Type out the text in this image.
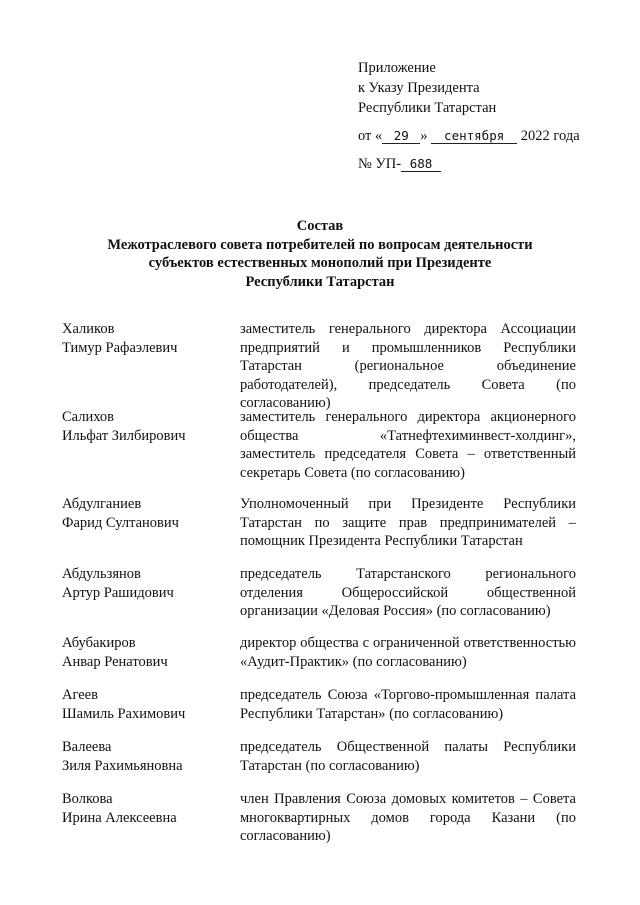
Приложение
к Указу Президента
Республики Татарстан
от « 29 » сентября 2022 года
№ УП- 688
Состав
Межотраслевого совета потребителей по вопросам деятельности
субъектов естественных монополий при Президенте
Республики Татарстан
Халиков
Тимур Рафаэлевич
заместитель генерального директора Ассоциации предприятий и промышленников Республики Татарстан (региональное объединение работодателей), председатель Совета (по согласованию)
Салихов
Ильфат Зилбирович
заместитель генерального директора акционерного общества «Татнефтехиминвест-холдинг», заместитель председателя Совета – ответственный секретарь Совета (по согласованию)
Абдулганиев
Фарид Султанович
Уполномоченный при Президенте Республики Татарстан по защите прав предпринимателей – помощник Президента Республики Татарстан
Абдульзянов
Артур Рашидович
председатель Татарстанского регионального отделения Общероссийской общественной организации «Деловая Россия» (по согласованию)
Абубакиров
Анвар Ренатович
директор общества с ограниченной ответственностью «Аудит-Практик» (по согласованию)
Агеев
Шамиль Рахимович
председатель Союза «Торгово-промышленная палата Республики Татарстан» (по согласованию)
Валеева
Зиля Рахимьяновна
председатель Общественной палаты Республики Татарстан (по согласованию)
Волкова
Ирина Алексеевна
член Правления Союза домовых комитетов – Совета многоквартирных домов города Казани (по согласованию)
